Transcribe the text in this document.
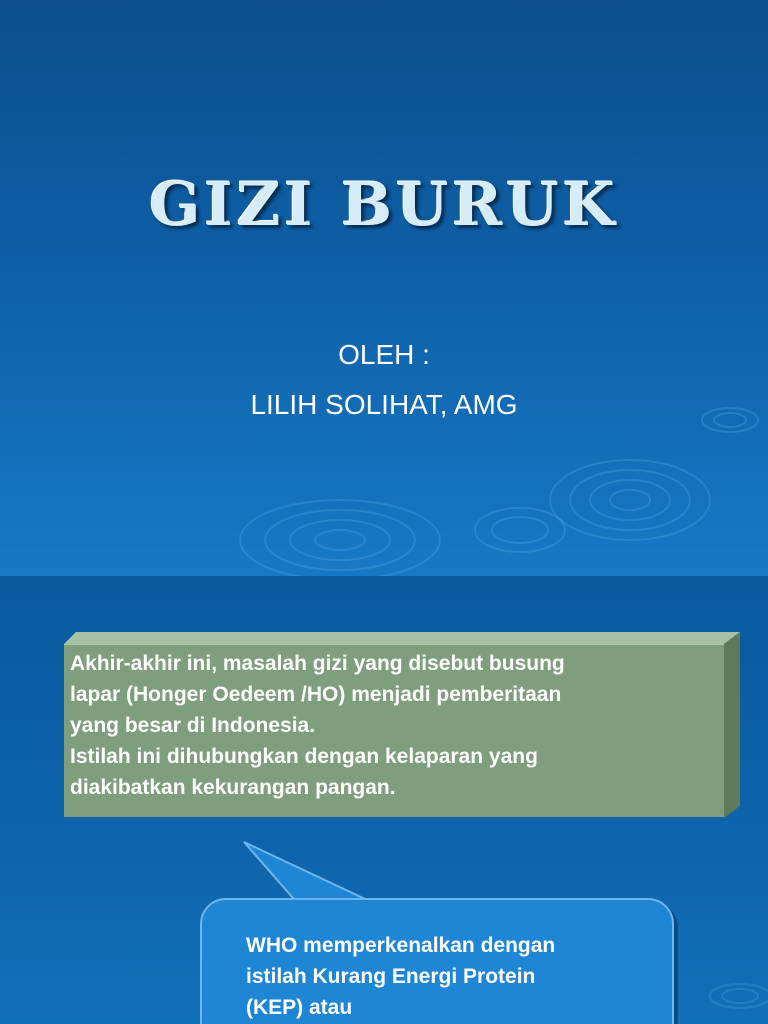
GIZI BURUK
OLEH :
LILIH SOLIHAT, AMG
Akhir-akhir ini, masalah gizi yang disebut busung
lapar (Honger Oedeem /HO) menjadi pemberitaan
yang besar di Indonesia.
Istilah ini dihubungkan dengan kelaparan yang
diakibatkan kekurangan pangan.
WHO memperkenalkan dengan
istilah Kurang Energi Protein
(KEP) atau
